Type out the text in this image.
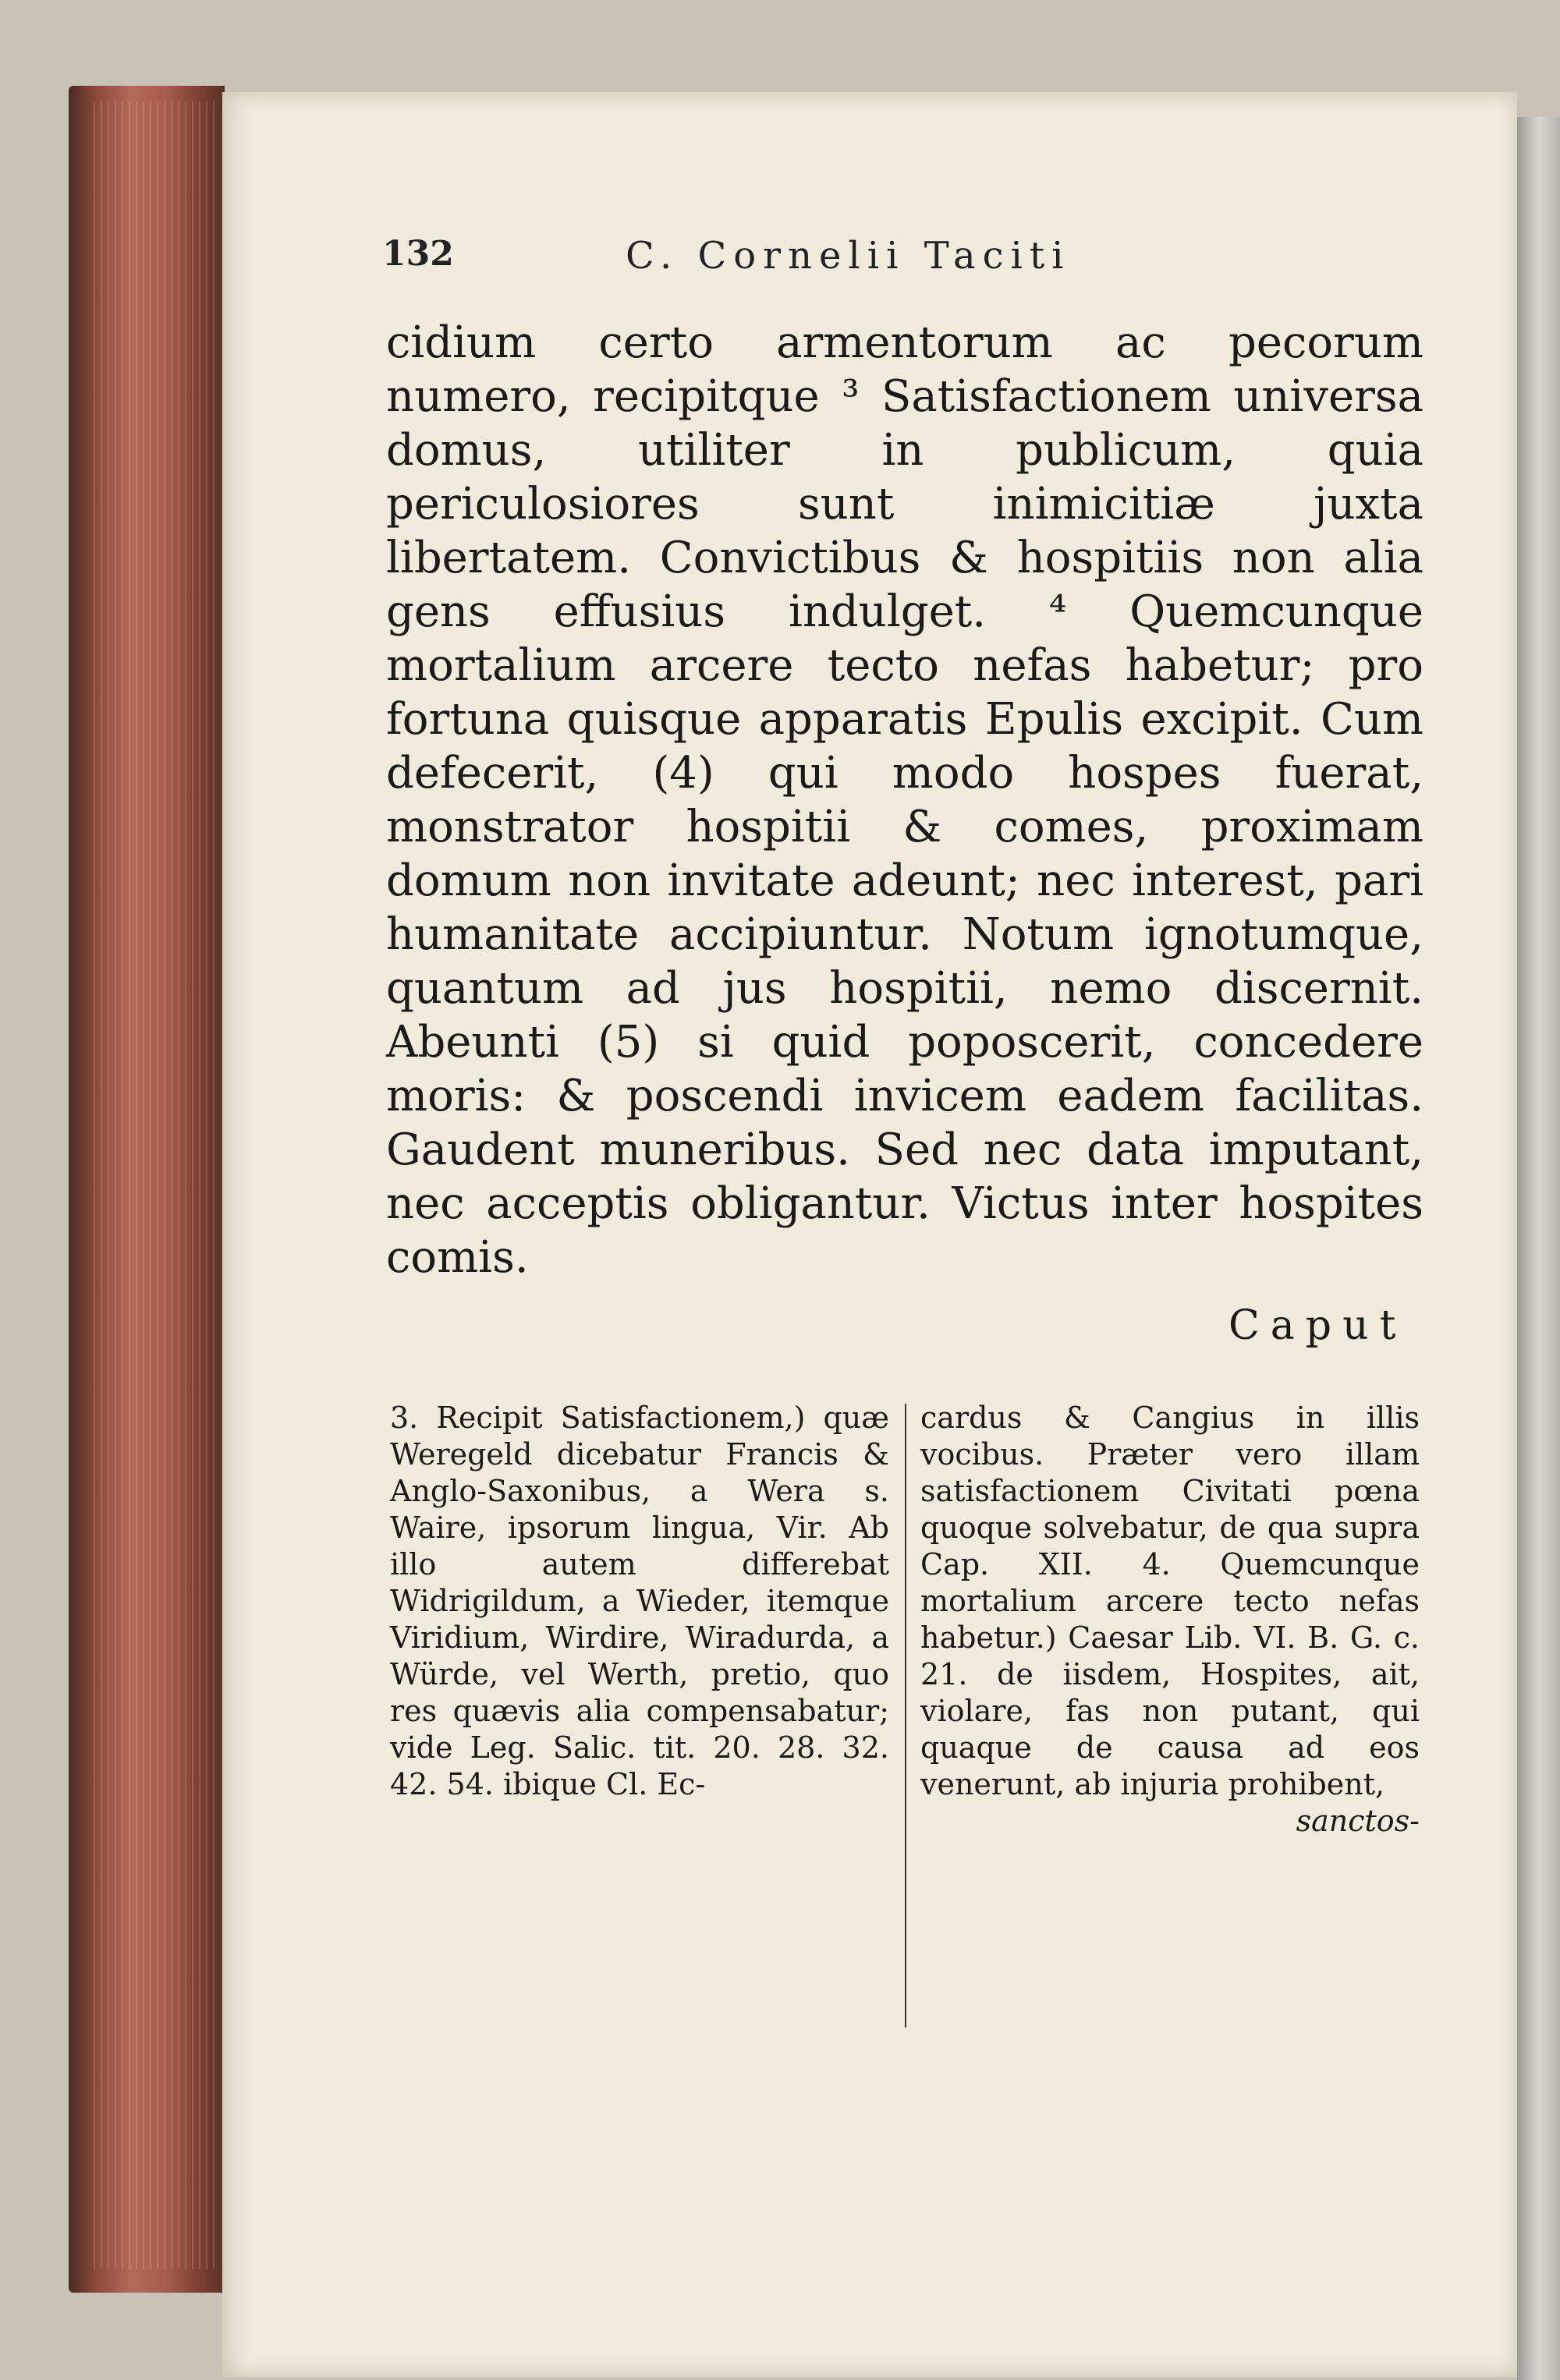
132	C. Cornelii Taciti

cidium certo armentorum ac pecorum numero, recipitque ³ Satisfactionem universa domus, utiliter in publicum, quia periculosiores sunt inimicitiæ juxta libertatem. Convictibus & hospitiis non alia gens effusius indulget. ⁴ Quemcunque mortalium arcere tecto nefas habetur; pro fortuna quisque apparatis Epulis excipit. Cum defecerit, (4) qui modo hospes fuerat, monstrator hospitii & comes, proximam domum non invitate adeunt; nec interest, pari humanitate accipiuntur. Notum ignotumque, quantum ad jus hospitii, nemo discernit. Abeunti (5) si quid poposcerit, concedere moris: & poscendi invicem eadem facilitas. Gaudent muneribus. Sed nec data imputant, nec acceptis obligantur. Victus inter hospites comis.

Caput

3. Recipit Satisfactionem,) quæ Weregeld dicebatur Francis & Anglo-Saxonibus, a Wera s. Waire, ipsorum lingua, Vir. Ab illo autem differebat Widrigildum, a Wieder, itemque Viridium, Wirdire, Wiradurda, a Würde, vel Werth, pretio, quo res quævis alia compensabatur; vide Leg. Salic. tit. 20. 28. 32. 42. 54. ibique Cl. Ec-

cardus & Cangius in illis vocibus. Præter vero illam satisfactionem Civitati pœna quoque solvebatur, de qua supra Cap. XII. 4. Quemcunque mortalium arcere tecto nefas habetur.) Caesar Lib. VI. B. G. c. 21. de iisdem, Hospites, ait, violare, fas non putant, qui quaque de causa ad eos venerunt, ab injuria prohibent,

sanctos-
